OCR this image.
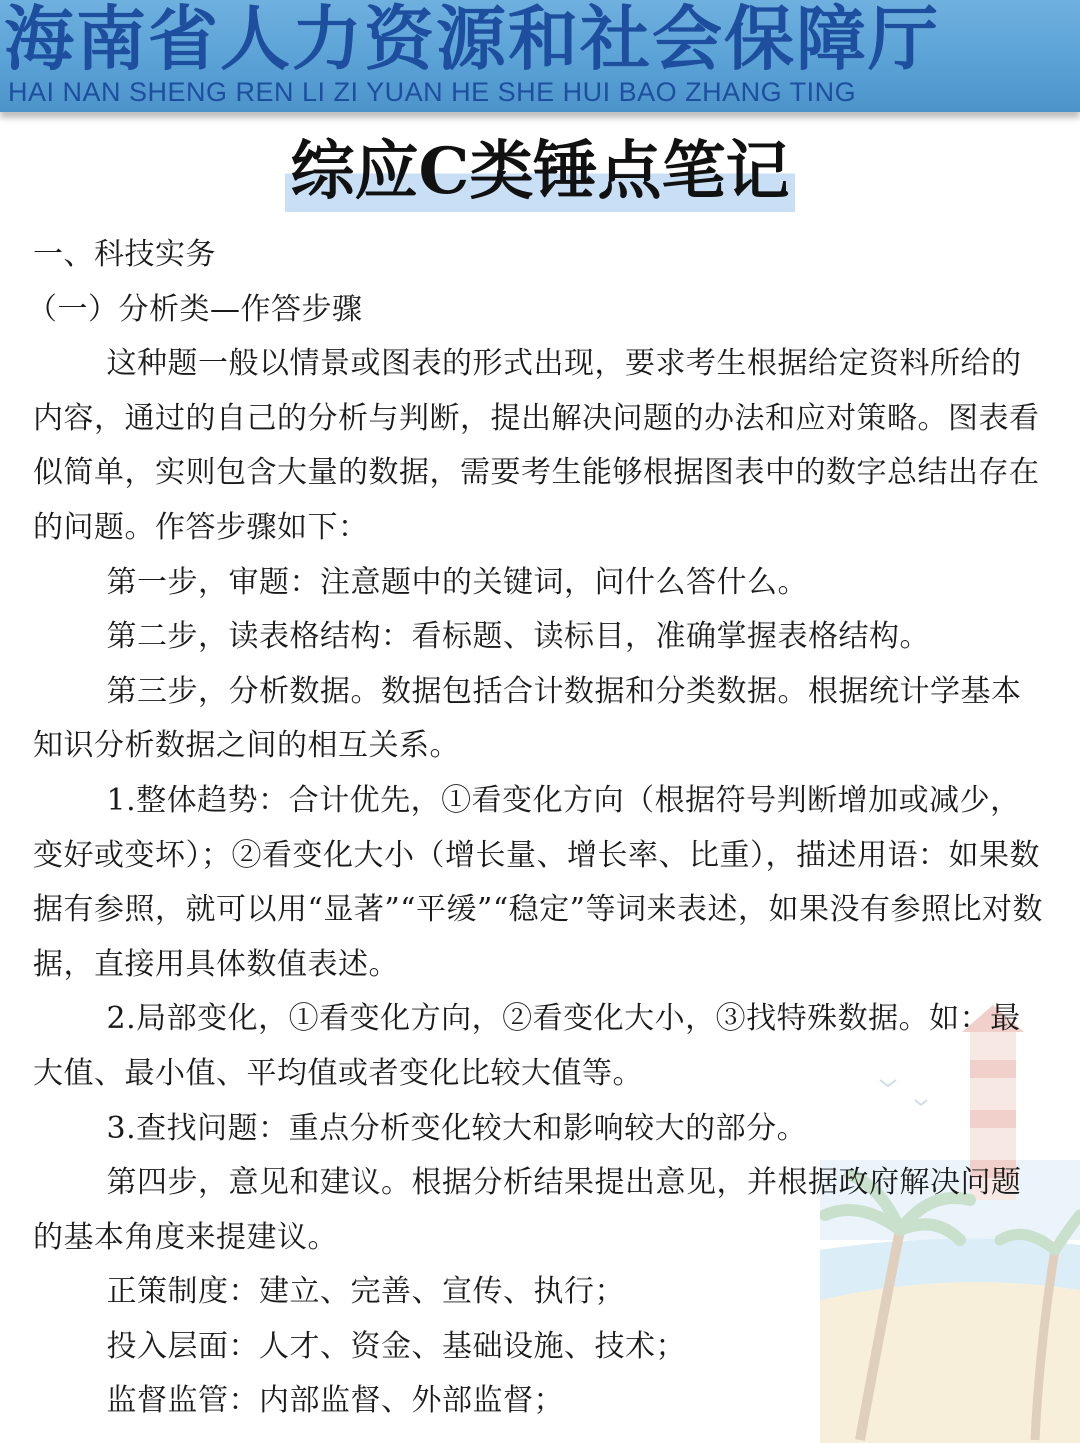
海南省人力资源和社会保障厅
HAI NAN SHENG REN LI ZI YUAN HE SHE HUI BAO ZHANG TING
综应C类锤点笔记

一、科技实务

（一）分析类—作答步骤

这种题一般以情景或图表的形式出现，要求考生根据给定资料所给的内容，通过的自己的分析与判断，提出解决问题的办法和应对策略。图表看似简单，实则包含大量的数据，需要考生能够根据图表中的数字总结出存在的问题。作答步骤如下：

第一步，审题：注意题中的关键词，问什么答什么。

第二步，读表格结构：看标题、读标目，准确掌握表格结构。

第三步，分析数据。数据包括合计数据和分类数据。根据统计学基本知识分析数据之间的相互关系。

1.整体趋势：合计优先，①看变化方向（根据符号判断增加或减少，变好或变坏）；②看变化大小（增长量、增长率、比重），描述用语：如果数据有参照，就可以用“显著”“平缓”“稳定”等词来表述，如果没有参照比对数据，直接用具体数值表述。

2.局部变化，①看变化方向，②看变化大小，③找特殊数据。如：最大值、最小值、平均值或者变化比较大值等。

3.查找问题：重点分析变化较大和影响较大的部分。

第四步，意见和建议。根据分析结果提出意见，并根据政府解决问题的基本角度来提建议。

正策制度：建立、完善、宣传、执行；

投入层面：人才、资金、基础设施、技术；

监督监管：内部监督、外部监督；
